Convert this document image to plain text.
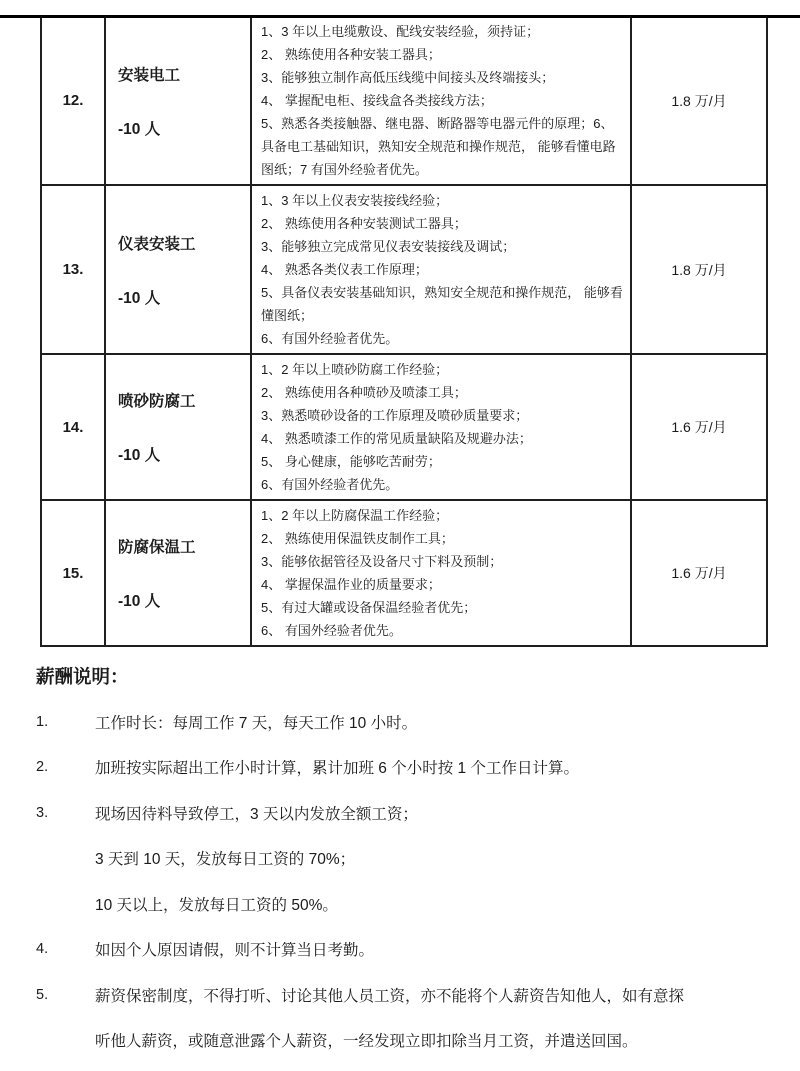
12.	
安装电工
-10 人

1、3 年以上电缆敷设、配线安装经验，须持证；
2、 熟练使用各种安装工器具；
3、能够独立制作高低压线缆中间接头及终端接头；
4、 掌握配电柜、接线盒各类接线方法；
5、熟悉各类接触器、继电器、断路器等电器元件的原理；6、具备电工基础知识，熟知安全规范和操作规范， 能够看懂电路图纸；7 有国外经验者优先。
	1.8 万/月
13.	
仪表安装工
-10 人

1、3 年以上仪表安装接线经验；
2、 熟练使用各种安装测试工器具；
3、能够独立完成常见仪表安装接线及调试；
4、 熟悉各类仪表工作原理；
5、具备仪表安装基础知识，熟知安全规范和操作规范， 能够看懂图纸；
6、有国外经验者优先。
	1.8 万/月
14.	
喷砂防腐工
-10 人

1、2 年以上喷砂防腐工作经验；
2、 熟练使用各种喷砂及喷漆工具；
3、熟悉喷砂设备的工作原理及喷砂质量要求；
4、 熟悉喷漆工作的常见质量缺陷及规避办法；
5、 身心健康，能够吃苦耐劳；
6、有国外经验者优先。
	1.6 万/月
15.	
防腐保温工
-10 人

1、2 年以上防腐保温工作经验；
2、 熟练使用保温铁皮制作工具；
3、能够依据管径及设备尺寸下料及预制；
4、 掌握保温作业的质量要求；
5、有过大罐或设备保温经验者优先；
6、 有国外经验者优先。
	1.6 万/月
薪酬说明：
1.	工作时长：每周工作 7 天，每天工作 10 小时。
2.	加班按实际超出工作小时计算，累计加班 6 个小时按 1 个工作日计算。
3.	现场因待料导致停工，3 天以内发放全额工资；
3 天到 10 天，发放每日工资的 70%；
10 天以上，发放每日工资的 50%。
4.	如因个人原因请假，则不计算当日考勤。
5.	薪资保密制度，不得打听、讨论其他人员工资，亦不能将个人薪资告知他人，如有意探
听他人薪资，或随意泄露个人薪资，一经发现立即扣除当月工资，并遣送回国。
